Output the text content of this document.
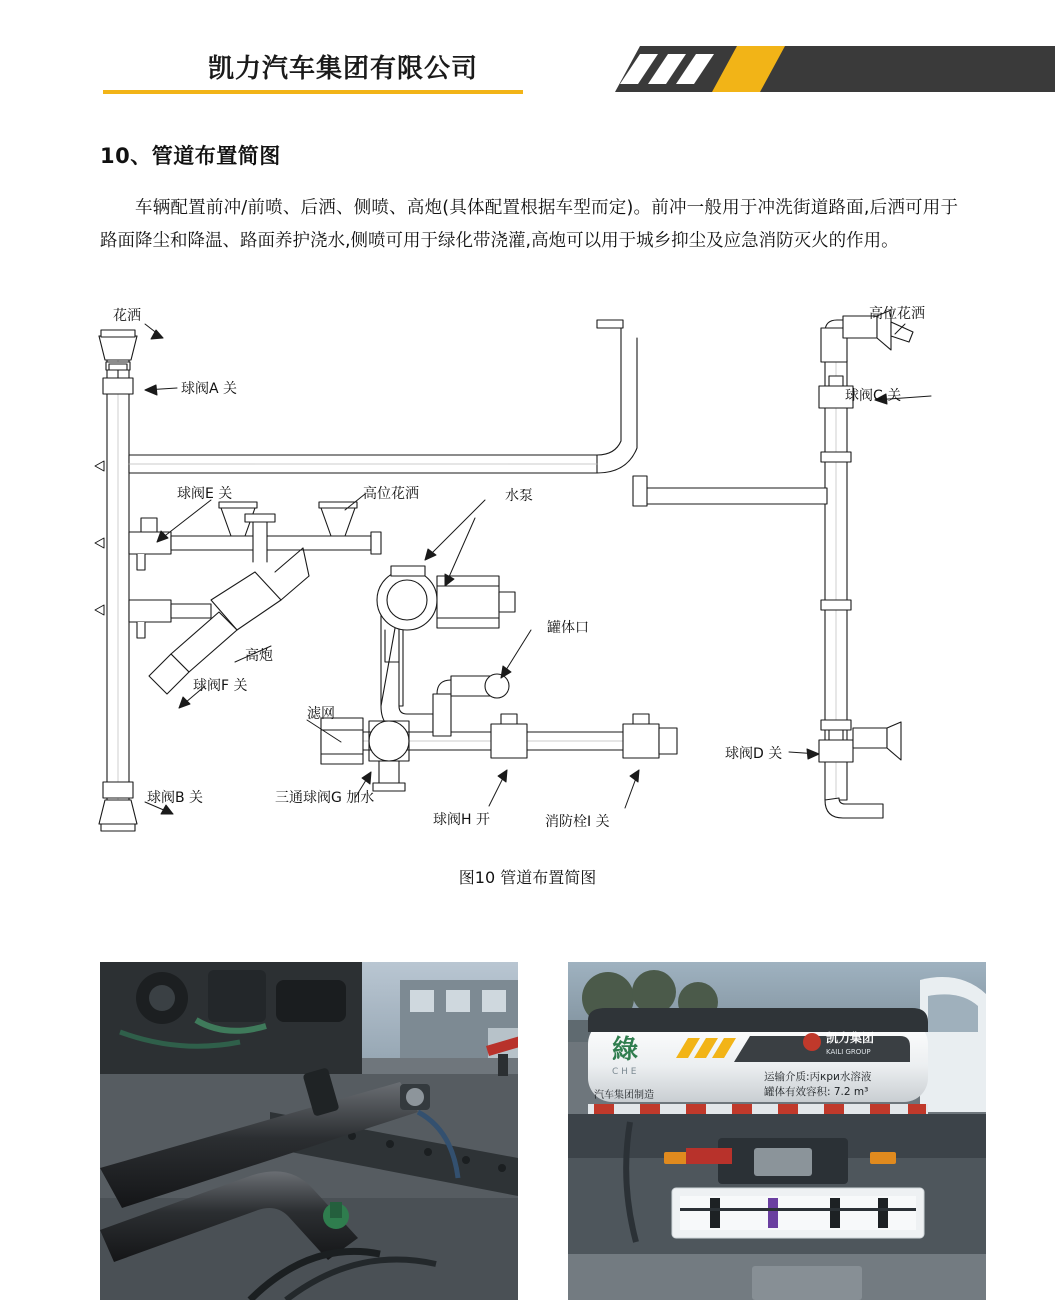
凯力汽车集团有限公司
10、管道布置简图
车辆配置前冲/前喷、后洒、侧喷、高炮(具体配置根据车型而定)。前冲一般用于冲洗街道路面,后洒可用于路面降尘和降温、路面养护浇水,侧喷可用于绿化带浇灌,高炮可以用于城乡抑尘及应急消防灭火的作用。
花洒
球阀A 关
高位花洒
球阀C 关
球阀E 关	高位花洒	水泵
高炮
球阀F 关
罐体口
滤网
球阀B 关	三通球阀G 加水
球阀H 开	消防栓I 关
球阀D 关
图10 管道布置简图
綠
C H E
凯力集团
KAILI GROUP
运输介质:丙кри水溶液
罐体有效容积: 7.2 m³
汽车集团制造
